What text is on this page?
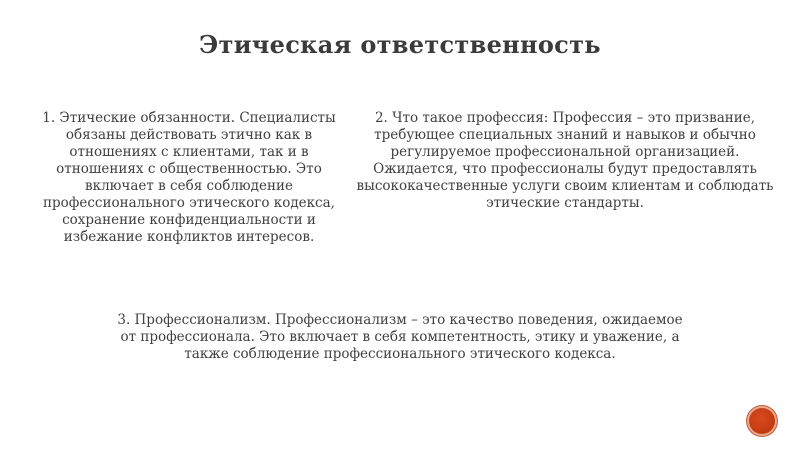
Этическая ответственность

1. Этические обязанности. Специалисты обязаны действовать этично как в отношениях с клиентами, так и в отношениях с общественностью. Это включает в себя соблюдение профессионального этического кодекса, сохранение конфиденциальности и избежание конфликтов интересов.

2. Что такое профессия: Профессия – это призвание, требующее специальных знаний и навыков и обычно регулируемое профессиональной организацией. Ожидается, что профессионалы будут предоставлять высококачественные услуги своим клиентам и соблюдать этические стандарты.

3. Профессионализм. Профессионализм – это качество поведения, ожидаемое от профессионала. Это включает в себя компетентность, этику и уважение, а также соблюдение профессионального этического кодекса.
